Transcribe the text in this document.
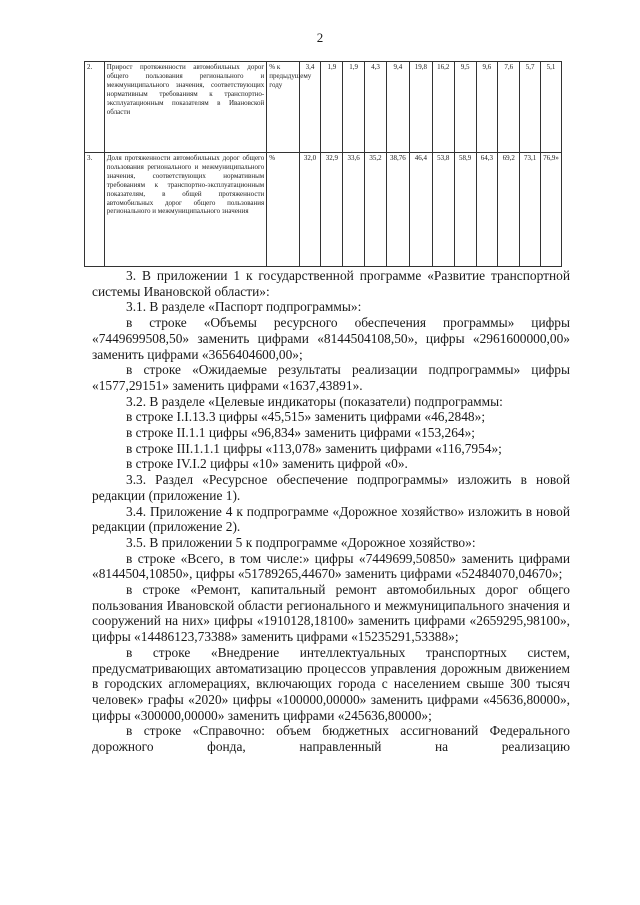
2
2.	Прирост протяженности автомобильных дорог общего пользования регионального и межмуниципального значения, соответствующих нормативным требованиям к транспортно-эксплуатационным показателям в Ивановской области	% к предыдущему году	3,4	1,9	1,9	4,3	9,4	19,8	16,2	9,5	9,6	7,6	5,7	5,1
3.	Доля протяженности автомобильных дорог общего пользования регионального и межмуниципального значения, соответствующих нормативным требованиям к транспортно-эксплуатационным показателям, в общей протяженности автомобильных дорог общего пользования регионального и межмуниципального значения	%	32,0	32,9	33,6	35,2	38,76	46,4	53,8	58,9	64,3	69,2	73,1	76,9»

3. В приложении 1 к государственной программе «Развитие транспортной системы Ивановской области»:

3.1. В разделе «Паспорт подпрограммы»:

в строке «Объемы ресурсного обеспечения программы» цифры «7449699508,50» заменить цифрами «8144504108,50», цифры «2961600000,00» заменить цифрами «3656404600,00»;

в строке «Ожидаемые результаты реализации подпрограммы» цифры «1577,29151» заменить цифрами «1637,43891».

3.2. В разделе «Целевые индикаторы (показатели) подпрограммы:

в строке I.I.13.3 цифры «45,515» заменить цифрами «46,2848»;

в строке II.1.1 цифры «96,834» заменить цифрами «153,264»;

в строке III.1.1.1 цифры «113,078» заменить цифрами «116,7954»;

в строке IV.I.2 цифры «10» заменить цифрой «0».

3.3. Раздел «Ресурсное обеспечение подпрограммы» изложить в новой редакции (приложение 1).

3.4. Приложение 4 к подпрограмме «Дорожное хозяйство» изложить в новой редакции (приложение 2).

3.5. В приложении 5 к подпрограмме «Дорожное хозяйство»:

в строке «Всего, в том числе:» цифры «7449699,50850» заменить цифрами «8144504,10850», цифры «51789265,44670» заменить цифрами «52484070,04670»;

в строке «Ремонт, капитальный ремонт автомобильных дорог общего пользования Ивановской области регионального и межмуниципального значения и сооружений на них» цифры «1910128,18100» заменить цифрами «2659295,98100», цифры «14486123,73388» заменить цифрами «15235291,53388»;

в строке «Внедрение интеллектуальных транспортных систем, предусматривающих автоматизацию процессов управления дорожным движением в городских агломерациях, включающих города с населением свыше 300 тысяч человек» графы «2020» цифры «100000,00000» заменить цифрами «45636,80000», цифры «300000,00000» заменить цифрами «245636,80000»;

в строке «Справочно: объем бюджетных ассигнований Федерального дорожного фонда, направленный на реализацию
